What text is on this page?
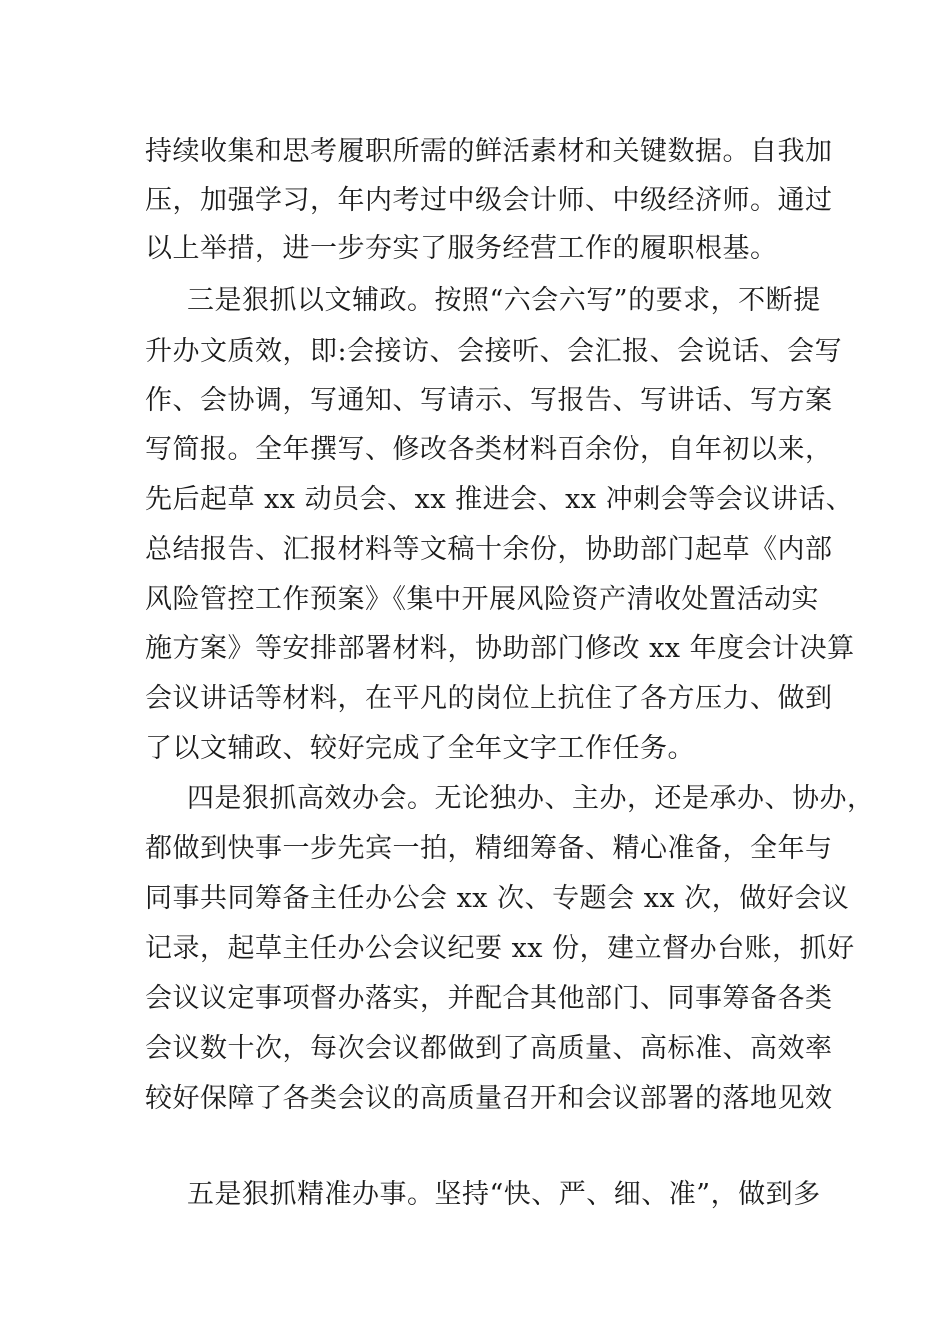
持续收集和思考履职所需的鲜活素材和关键数据。自我加
压，加强学习，年内考过中级会计师、中级经济师。通过
以上举措，进一步夯实了服务经营工作的履职根基。
三是狠抓以文辅政。按照“六会六写”的要求，不断提
升办文质效，即:会接访、会接听、会汇报、会说话、会写
作、会协调，写通知、写请示、写报告、写讲话、写方案
写简报。全年撰写、修改各类材料百余份，自年初以来，
先后起草 xx 动员会、xx 推进会、xx 冲刺会等会议讲话、
总结报告、汇报材料等文稿十余份，协助部门起草《内部
风险管控工作预案》《集中开展风险资产清收处置活动实
施方案》等安排部署材料，协助部门修改 xx 年度会计决算
会议讲话等材料，在平凡的岗位上抗住了各方压力、做到
了以文辅政、较好完成了全年文字工作任务。
四是狠抓高效办会。无论独办、主办，还是承办、协办，
都做到快事一步先宾一拍，精细筹备、精心准备，全年与
同事共同筹备主任办公会 xx 次、专题会 xx 次，做好会议
记录，起草主任办公会议纪要 xx 份，建立督办台账，抓好
会议议定事项督办落实，并配合其他部门、同事筹备各类
会议数十次，每次会议都做到了高质量、高标准、高效率
较好保障了各类会议的高质量召开和会议部署的落地见效
五是狠抓精准办事。坚持“快、严、细、准”，做到多
